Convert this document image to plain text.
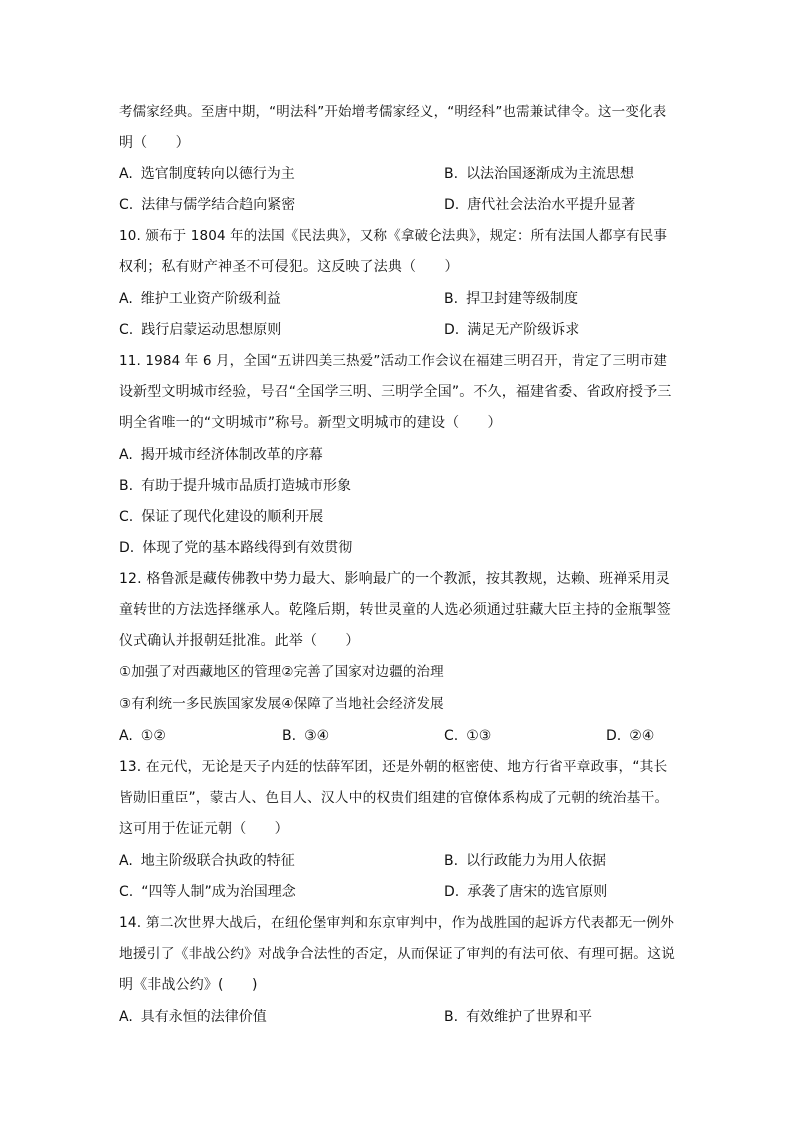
考儒家经典。至唐中期，“明法科”开始增考儒家经义，“明经科”也需兼试律令。这一变化表
明（　　）
A. 选官制度转向以德行为主	B. 以法治国逐渐成为主流思想
C. 法律与儒学结合趋向紧密	D. 唐代社会法治水平提升显著
10. 颁布于 1804 年的法国《民法典》，又称《拿破仑法典》，规定：所有法国人都享有民事
权利；私有财产神圣不可侵犯。这反映了法典（　　）
A. 维护工业资产阶级利益	B. 捍卫封建等级制度
C. 践行启蒙运动思想原则	D. 满足无产阶级诉求
11. 1984 年 6 月，全国“五讲四美三热爱”活动工作会议在福建三明召开，肯定了三明市建
设新型文明城市经验，号召“全国学三明、三明学全国”。不久，福建省委、省政府授予三
明全省唯一的“文明城市”称号。新型文明城市的建设（　　）
A. 揭开城市经济体制改革的序幕
B. 有助于提升城市品质打造城市形象
C. 保证了现代化建设的顺利开展
D. 体现了党的基本路线得到有效贯彻
12. 格鲁派是藏传佛教中势力最大、影响最广的一个教派，按其教规，达赖、班禅采用灵
童转世的方法选择继承人。乾隆后期，转世灵童的人选必须通过驻藏大臣主持的金瓶掣签
仪式确认并报朝廷批准。此举（　　）
①加强了对西藏地区的管理②完善了国家对边疆的治理
③有利统一多民族国家发展④保障了当地社会经济发展
A. ①②	B. ③④	C. ①③	D. ②④
13. 在元代，无论是天子内廷的怯薛军团，还是外朝的枢密使、地方行省平章政事，“其长
皆勋旧重臣”，蒙古人、色目人、汉人中的权贵们组建的官僚体系构成了元朝的统治基干。
这可用于佐证元朝（　　）
A. 地主阶级联合执政的特征	B. 以行政能力为用人依据
C. “四等人制”成为治国理念	D. 承袭了唐宋的选官原则
14. 第二次世界大战后，在纽伦堡审判和东京审判中，作为战胜国的起诉方代表都无一例外
地援引了《非战公约》对战争合法性的否定，从而保证了审判的有法可依、有理可据。这说
明《非战公约》(　　)
A. 具有永恒的法律价值	B. 有效维护了世界和平
